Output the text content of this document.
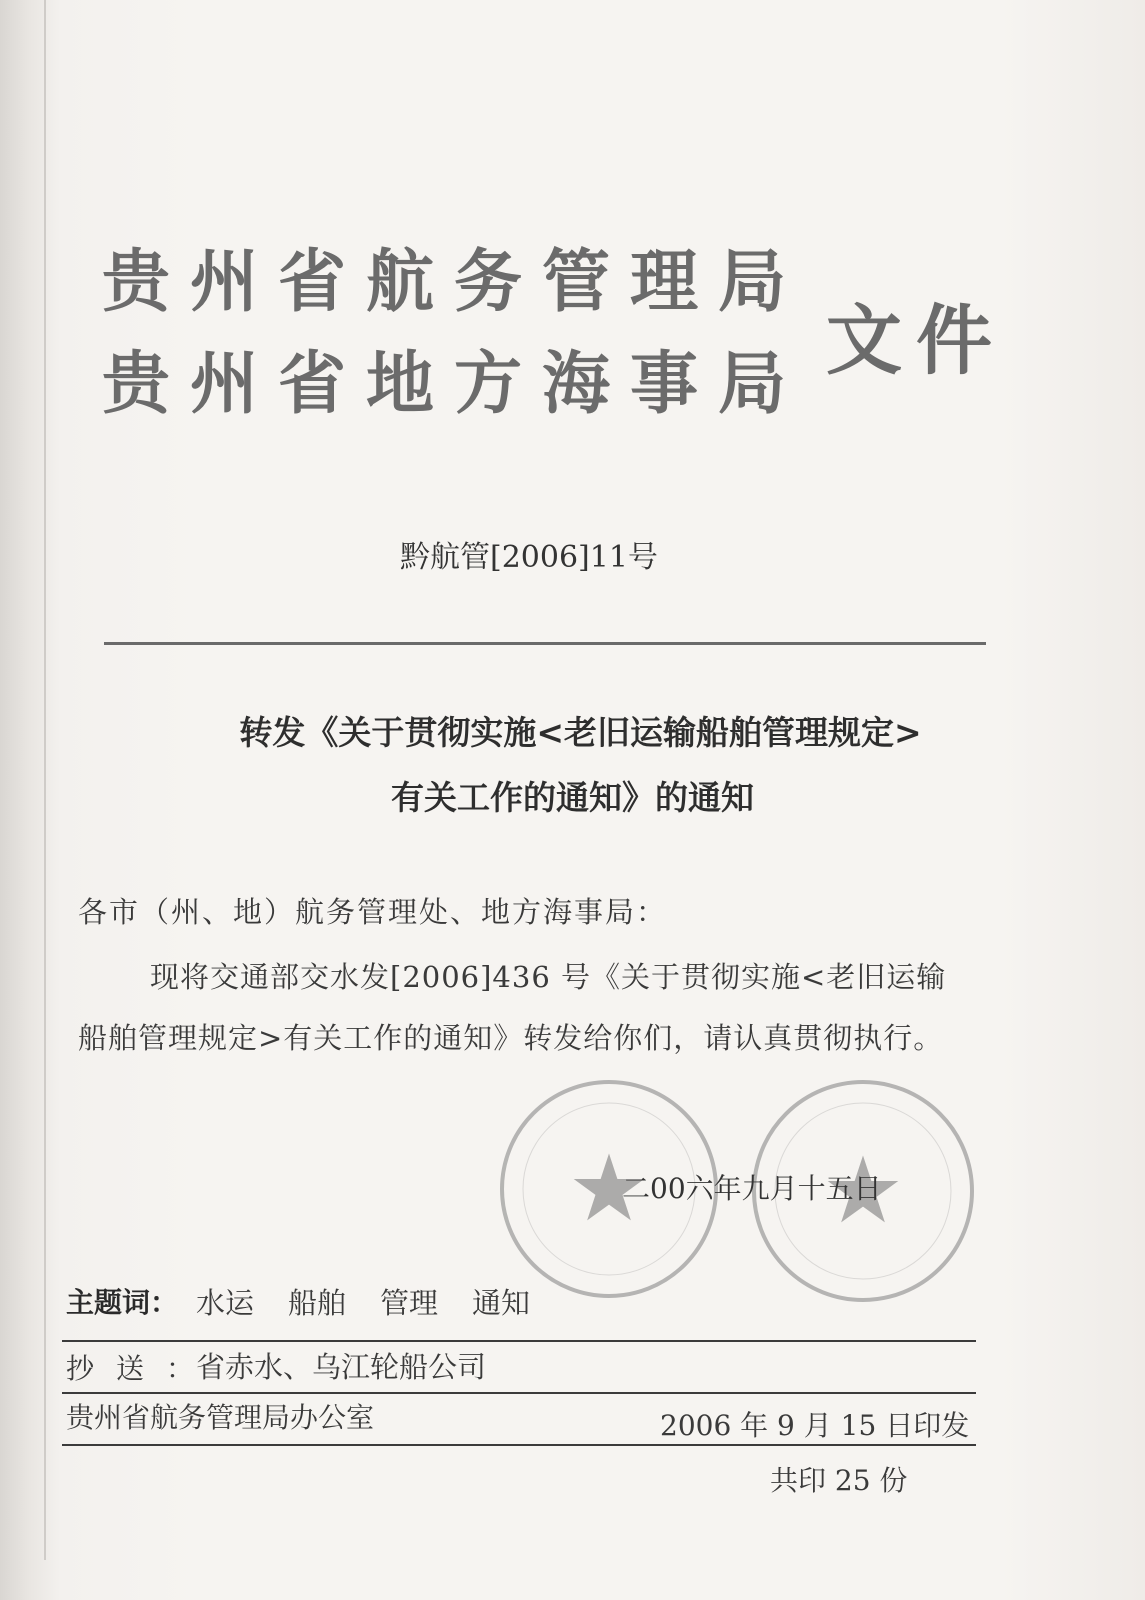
贵州省航务管理局
贵州省地方海事局 文件
黔航管[2006]11号
转发《关于贯彻实施<老旧运输船舶管理规定>
有关工作的通知》的通知
各市（州、地）航务管理处、地方海事局：
现将交通部交水发[2006]436 号《关于贯彻实施<老旧运输
船舶管理规定>有关工作的通知》转发给你们，请认真贯彻执行。
★ ★
二00六年九月十五日
主题词： 水运 船舶 管理 通知
抄送：
省赤水、乌江轮船公司
贵州省航务管理局办公室	2006 年 9 月 15 日印发
共印 25 份
